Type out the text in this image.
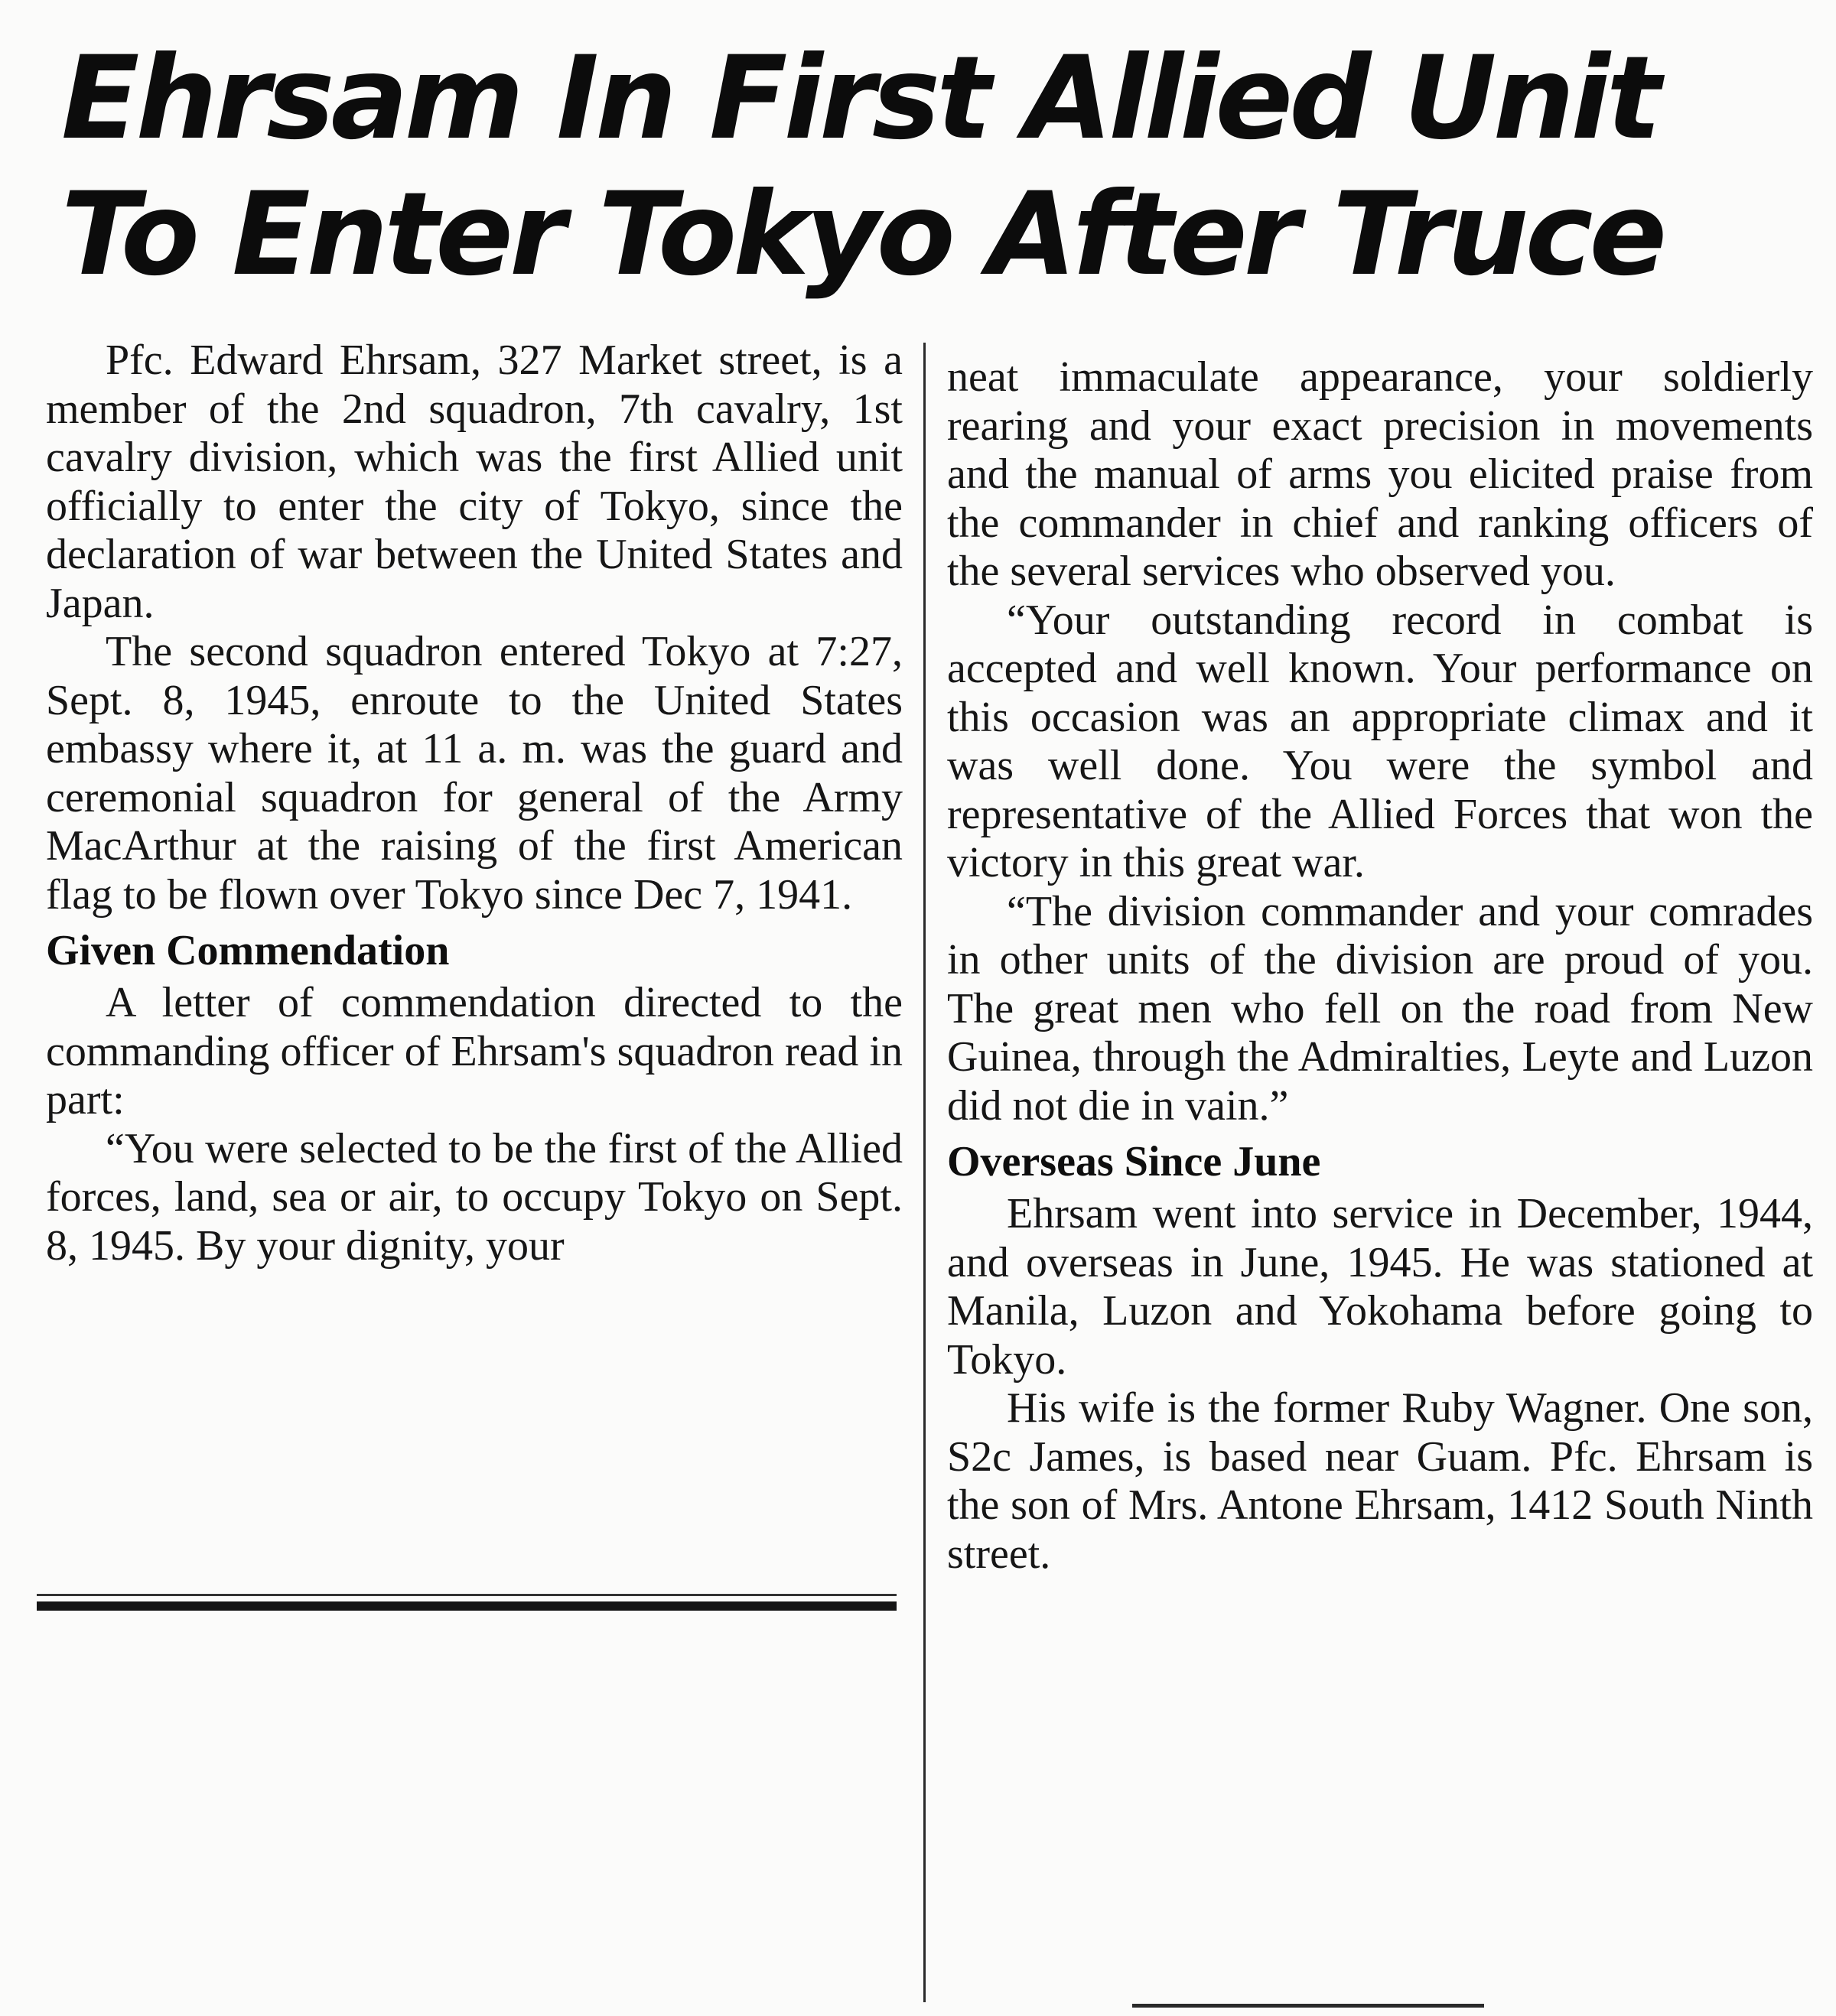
Ehrsam In First Allied Unit
To Enter Tokyo After Truce

Pfc. Edward Ehrsam, 327 Market street, is a member of the 2nd squadron, 7th cavalry, 1st cavalry division, which was the first Allied unit officially to enter the city of Tokyo, since the declaration of war between the United States and Japan.

The second squadron entered Tokyo at 7:27, Sept. 8, 1945, enroute to the United States embassy where it, at 11 a. m. was the guard and ceremonial squadron for general of the Army MacArthur at the raising of the first American flag to be flown over Tokyo since Dec 7, 1941.

Given Commendation

A letter of commendation directed to the commanding officer of Ehrsam's squadron read in part:

“You were selected to be the first of the Allied forces, land, sea or air, to occupy Tokyo on Sept. 8, 1945. By your dignity, your

neat immaculate appearance, your soldierly rearing and your exact precision in movements and the manual of arms you elicited praise from the commander in chief and ranking officers of the several services who observed you.

“Your outstanding record in combat is accepted and well known. Your performance on this occasion was an appropriate climax and it was well done. You were the symbol and representative of the Allied Forces that won the victory in this great war.

“The division commander and your comrades in other units of the division are proud of you. The great men who fell on the road from New Guinea, through the Admiralties, Leyte and Luzon did not die in vain.”

Overseas Since June

Ehrsam went into service in December, 1944, and overseas in June, 1945. He was stationed at Manila, Luzon and Yokohama before going to Tokyo.

His wife is the former Ruby Wagner. One son, S2c James, is based near Guam. Pfc. Ehrsam is the son of Mrs. Antone Ehrsam, 1412 South Ninth street.
